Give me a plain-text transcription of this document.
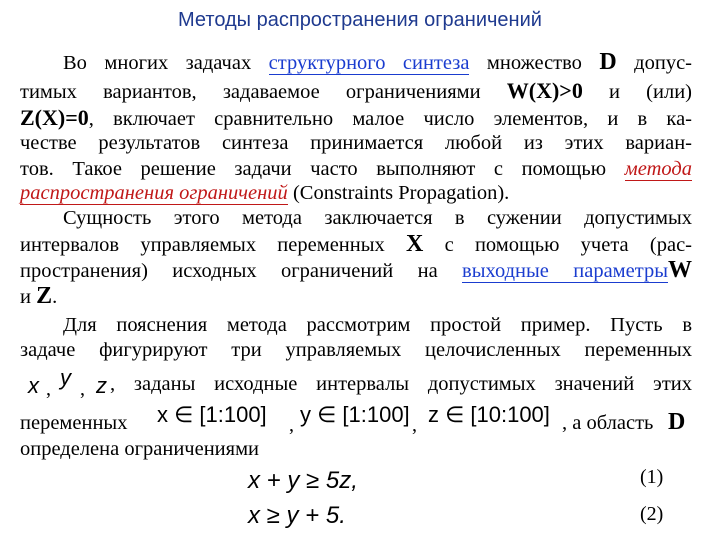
Методы распространения ограничений
Во многих задачах структурного синтеза множество D допус-
тимых вариантов, задаваемое ограничениями W(X)>0 и (или)
Z(X)=0, включает сравнительно малое число элементов, и в ка-
честве результатов синтеза принимается любой из этих вариан-
тов. Такое решение задачи часто выполняют с помощью метода
распространения ограничений (Constraints Propagation).
Сущность этого метода заключается в сужении допустимых
интервалов управляемых переменных X с помощью учета (рас-
пространения) исходных ограничений на выходные параметрыW
и Z.
Для пояснения метода рассмотрим простой пример. Пусть в
задаче фигурируют три управляемых целочисленных переменных
x , y , z , заданы исходные интервалы допустимых значений этих
переменных x ∈ [1:100] , y ∈ [1:100] , z ∈ [10:100] , а область D
определена ограничениями
x + y ≥ 5z,	(1)
x ≥ y + 5.	(2)
